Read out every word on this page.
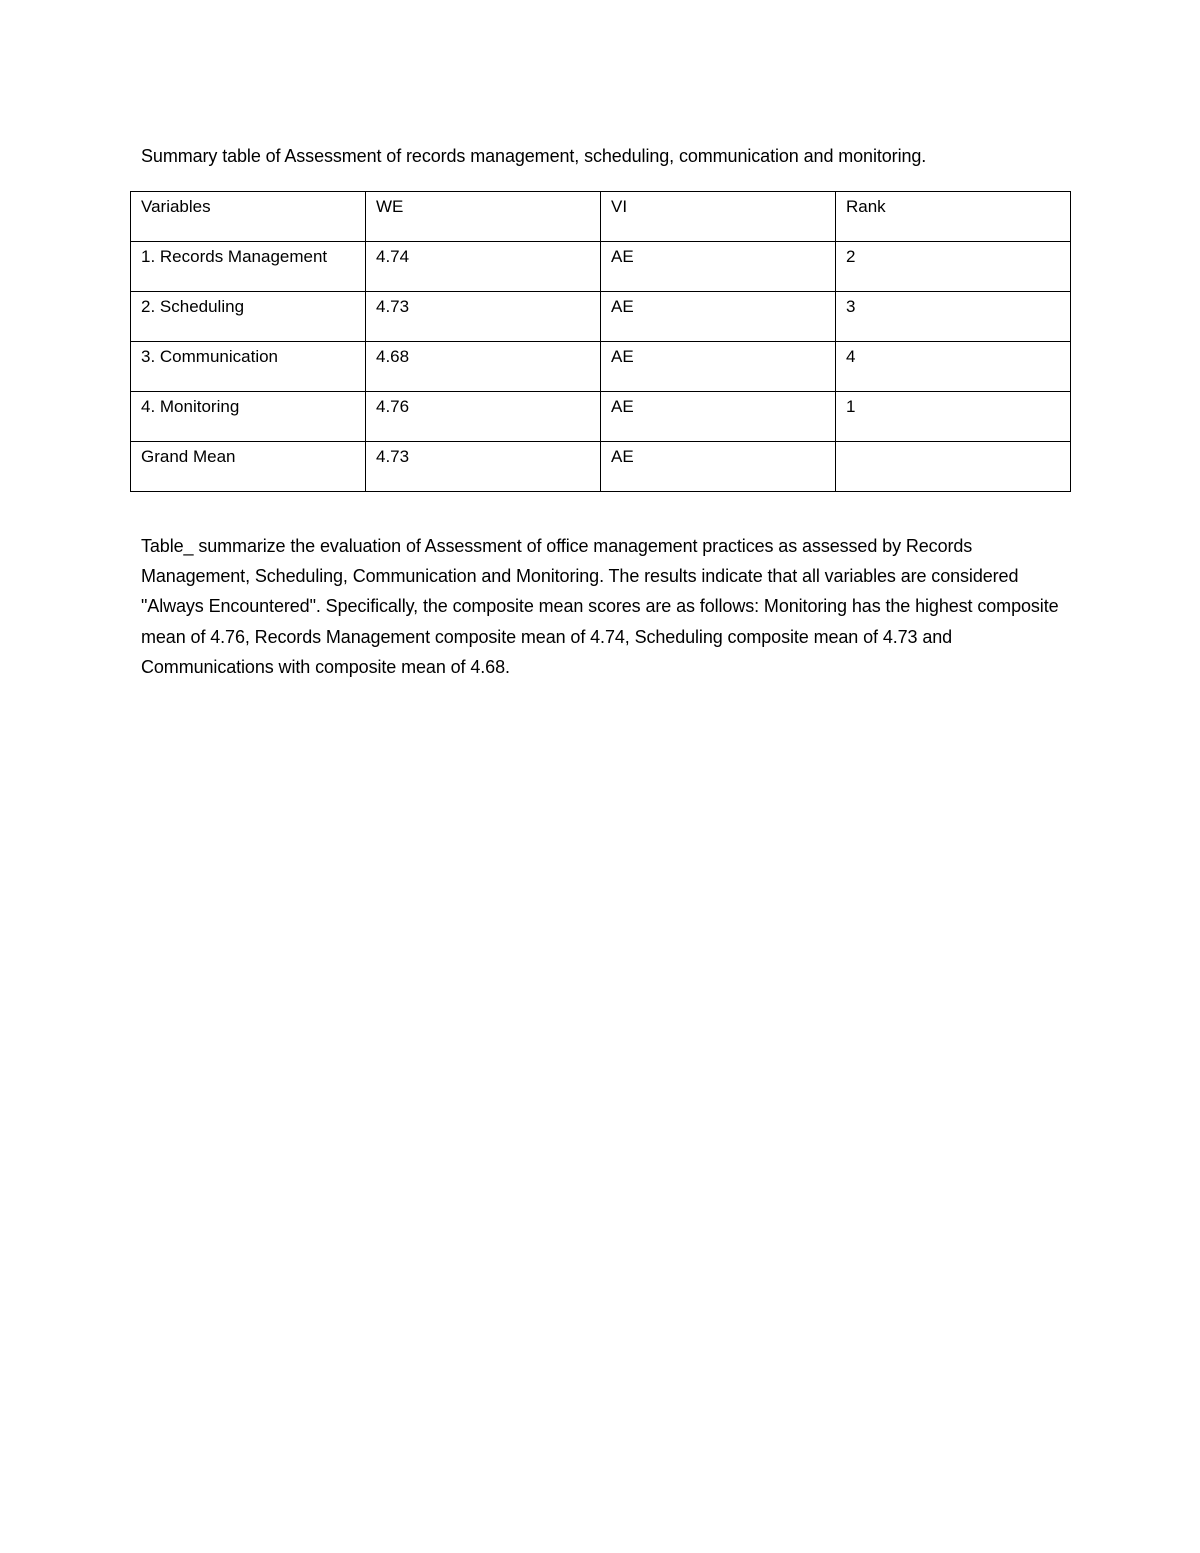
Summary table of Assessment of records management, scheduling, communication and monitoring.
Variables	WE	VI	Rank
1. Records Management	4.74	AE	2
2. Scheduling	4.73	AE	3
3. Communication	4.68	AE	4
4. Monitoring	4.76	AE	1
Grand Mean	4.73	AE	
Table_ summarize the evaluation of Assessment of office management practices as assessed by Records Management, Scheduling, Communication and Monitoring. The results indicate that all variables are considered "Always Encountered". Specifically, the composite mean scores are as follows: Monitoring has the highest composite mean of 4.76, Records Management composite mean of 4.74, Scheduling composite mean of 4.73 and Communications with composite mean of 4.68.
